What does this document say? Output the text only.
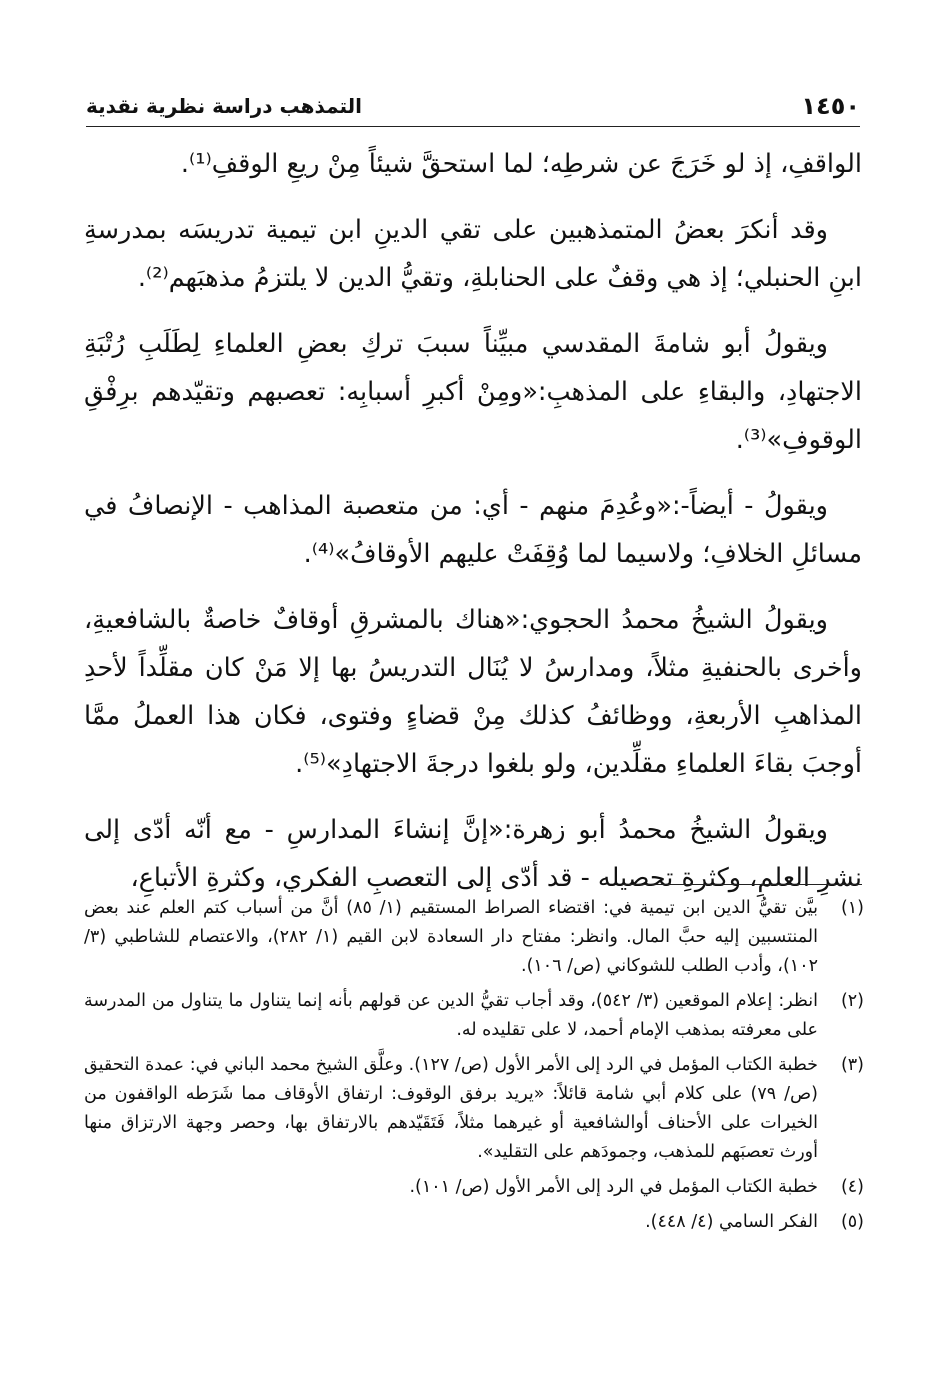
١٤٥٠
التمذهب دراسة نظرية نقدية

الواقفِ، إذ لو خَرَجَ عن شرطِه؛ لما استحقَّ شيئاً مِنْ ريعِ الوقفِ⁽¹⁾.

وقد أنكرَ بعضُ المتمذهبين على تقي الدينِ ابن تيمية تدريسَه بمدرسةِ ابنِ الحنبلي؛ إذ هي وقفٌ على الحنابلةِ، وتقيُّ الدين لا يلتزمُ مذهبَهم⁽²⁾.

ويقولُ أبو شامةَ المقدسي مبيِّناً سببَ تركِ بعضِ العلماءِ لِطَلَبِ رُتْبَةِ الاجتهادِ، والبقاءِ على المذهبِ:«ومِنْ أكبرِ أسبابِه: تعصبهم وتقيّدهم برِفْقِ الوقوفِ»⁽³⁾.

ويقولُ - أيضاً-:«وعُدِمَ منهم - أي: من متعصبة المذاهب - الإنصافُ في مسائلِ الخلافِ؛ ولاسيما لما وُقِفَتْ عليهم الأوقافُ»⁽⁴⁾.

ويقولُ الشيخُ محمدُ الحجوي:«هناك بالمشرقِ أوقافٌ خاصةٌ بالشافعيةِ، وأخرى بالحنفيةِ مثلاً، ومدارسُ لا يُنَال التدريسُ بها إلا مَنْ كان مقلِّداً لأحدِ المذاهبِ الأربعةِ، ووظائفُ كذلك مِنْ قضاءٍ وفتوى، فكان هذا العملُ ممَّا أوجبَ بقاءَ العلماءِ مقلِّدين، ولو بلغوا درجةَ الاجتهادِ»⁽⁵⁾.

ويقولُ الشيخُ محمدُ أبو زهرة:«إنَّ إنشاءَ المدارسِ - مع أنّه أدّى إلى نشرِ العلمِ، وكثرةِ تحصيله - قد أدّى إلى التعصبِ الفكري، وكثرةِ الأتباعِ،

(١)
بيَّن تقيُّ الدين ابن تيمية في: اقتضاء الصراط المستقيم (١/ ٨٥) أنَّ من أسباب كتم العلم عند بعض المنتسبين إليه حبَّ المال. وانظر: مفتاح دار السعادة لابن القيم (١/ ٢٨٢)، والاعتصام للشاطبي (٣/ ١٠٢)، وأدب الطلب للشوكاني (ص/ ١٠٦).
(٢)
انظر: إعلام الموقعين (٣/ ٥٤٢)، وقد أجاب تقيُّ الدين عن قولهم بأنه إنما يتناول ما يتناول من المدرسة على معرفته بمذهب الإمام أحمد، لا على تقليده له.
(٣)
خطبة الكتاب المؤمل في الرد إلى الأمر الأول (ص/ ١٢٧). وعلَّق الشيخ محمد الباني في: عمدة التحقيق (ص/ ٧٩) على كلام أبي شامة قائلاً: «يريد برفق الوقوف: ارتفاق الأوقاف مما شَرَطه الواقفون من الخيرات على الأحناف أوالشافعية أو غيرهما مثلاً، فَتَقَيّدهم بالارتفاق بها، وحصر وجهة الارتزاق منها أورث تعصبَهم للمذهب، وجمودَهم على التقليد».
(٤)
خطبة الكتاب المؤمل في الرد إلى الأمر الأول (ص/ ١٠١).
(٥)
الفكر السامي (٤/ ٤٤٨).
